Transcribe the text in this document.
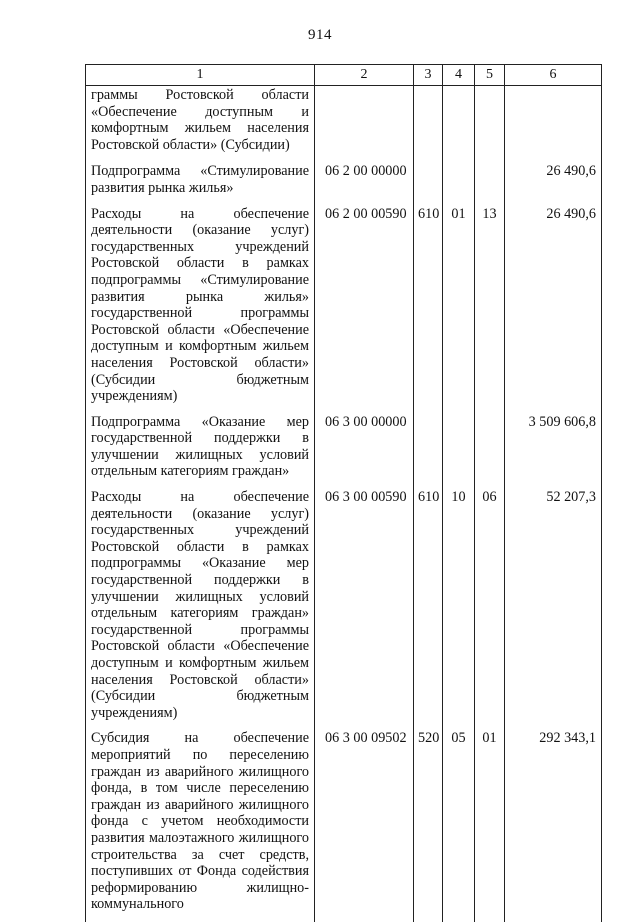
914
1	2	3	4	5	6
граммы Ростовской области «Обеспечение доступным и комфортным жильем населения Ростовской области» (Субсидии)					
Подпрограмма «Стимулирование развития рынка жилья»	06 2 00 00000				26 490,6
Расходы на обеспечение деятельности (оказание услуг) государственных учреждений Ростовской области в рамках подпрограммы «Стимулирование развития рынка жилья» государственной программы Ростовской области «Обеспечение доступным и комфортным жильем населения Ростовской области» (Субсидии бюджетным учреждениям)	06 2 00 00590	610	01	13	26 490,6
Подпрограмма «Оказание мер государственной поддержки в улучшении жилищных условий отдельным категориям граждан»	06 3 00 00000				3 509 606,8
Расходы на обеспечение деятельности (оказание услуг) государственных учреждений Ростовской области в рамках подпрограммы «Оказание мер государственной поддержки в улучшении жилищных условий отдельным категориям граждан» государственной программы Ростовской области «Обеспечение доступным и комфортным жильем населения Ростовской области» (Субсидии бюджетным учреждениям)	06 3 00 00590	610	10	06	52 207,3
Субсидия на обеспечение мероприятий по переселению граждан из аварийного жилищного фонда, в том числе переселению граждан из аварийного жилищного фонда с учетом необходимости развития малоэтажного жилищного строительства за счет средств, поступивших от Фонда содействия реформированию жилищно-коммунального	06 3 00 09502	520	05	01	292 343,1
